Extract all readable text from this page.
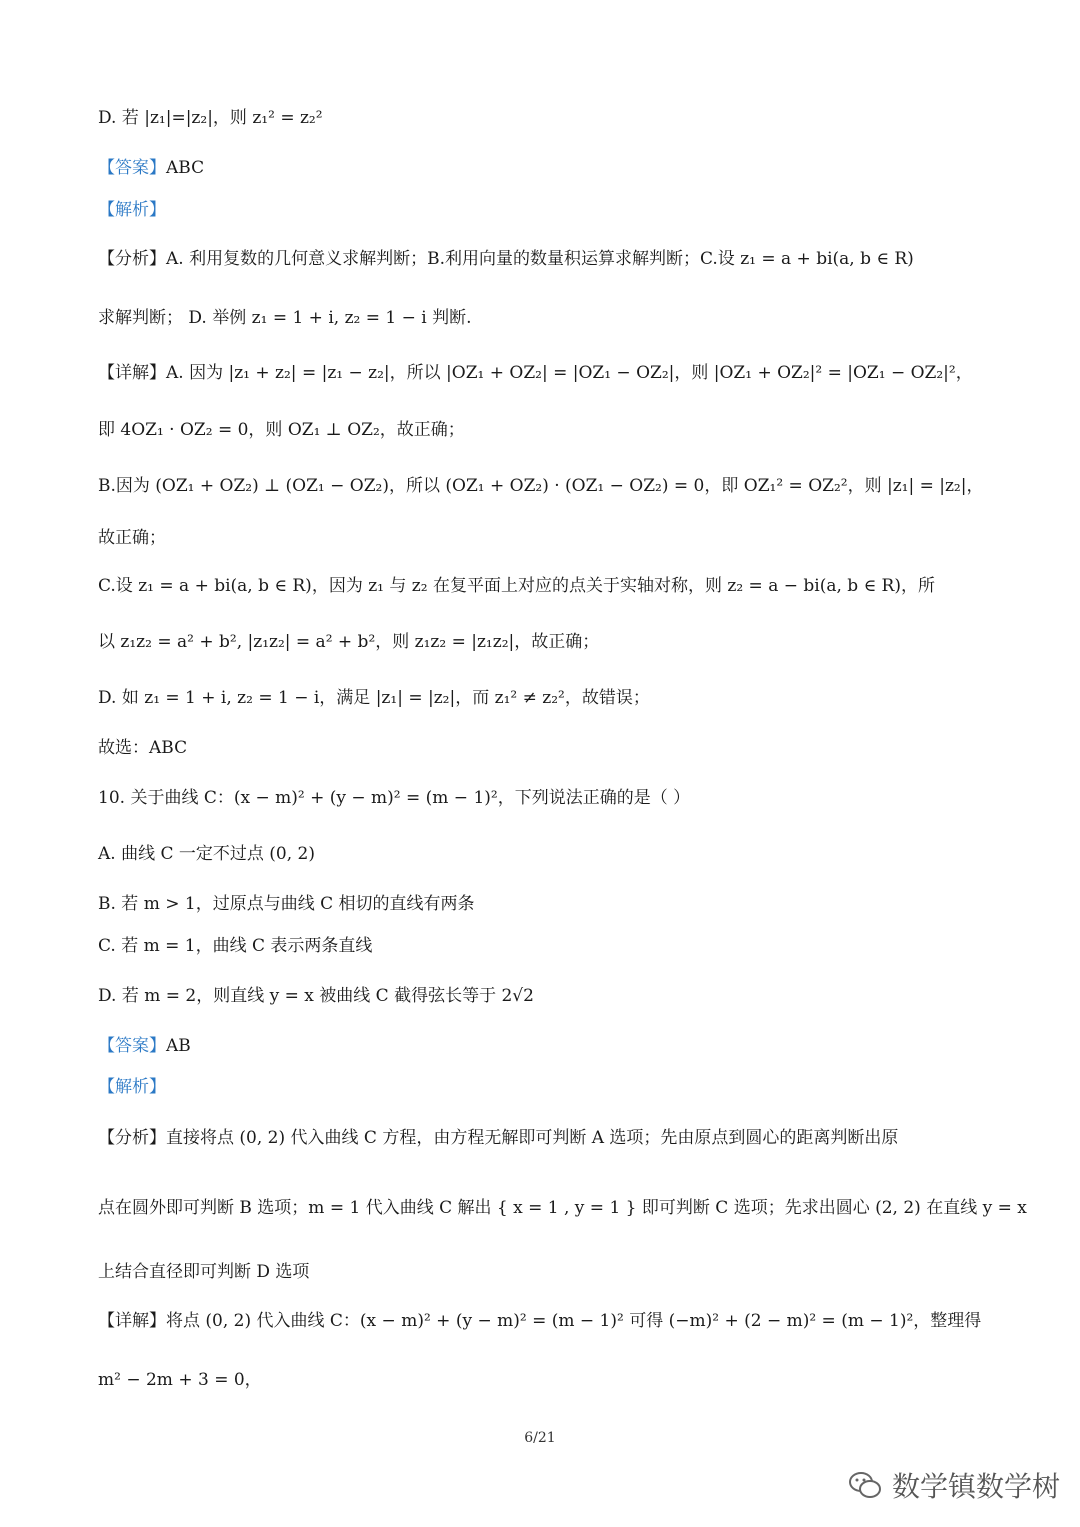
D. 若 |z₁|=|z₂|，则 z₁² = z₂²
【答案】ABC
【解析】
【分析】A. 利用复数的几何意义求解判断；B.利用向量的数量积运算求解判断；C.设 z₁ = a + bi(a, b ∈ R)
求解判断； D. 举例 z₁ = 1 + i, z₂ = 1 − i 判断.
【详解】A. 因为 |z₁ + z₂| = |z₁ − z₂|，所以 |OZ₁ + OZ₂| = |OZ₁ − OZ₂|，则 |OZ₁ + OZ₂|² = |OZ₁ − OZ₂|²，
即 4OZ₁ · OZ₂ = 0，则 OZ₁ ⊥ OZ₂，故正确；
B.因为 (OZ₁ + OZ₂) ⊥ (OZ₁ − OZ₂)，所以 (OZ₁ + OZ₂) · (OZ₁ − OZ₂) = 0，即 OZ₁² = OZ₂²，则 |z₁| = |z₂|，
故正确；
C.设 z₁ = a + bi(a, b ∈ R)，因为 z₁ 与 z₂ 在复平面上对应的点关于实轴对称，则 z₂ = a − bi(a, b ∈ R)，所
以 z₁z₂ = a² + b², |z₁z₂| = a² + b²，则 z₁z₂ = |z₁z₂|，故正确；
D. 如 z₁ = 1 + i, z₂ = 1 − i，满足 |z₁| = |z₂|，而 z₁² ≠ z₂²，故错误；
故选：ABC
10. 关于曲线 C：(x − m)² + (y − m)² = (m − 1)²，下列说法正确的是（ ）
A. 曲线 C 一定不过点 (0, 2)
B. 若 m > 1，过原点与曲线 C 相切的直线有两条
C. 若 m = 1，曲线 C 表示两条直线
D. 若 m = 2，则直线 y = x 被曲线 C 截得弦长等于 2√2
【答案】AB
【解析】
【分析】直接将点 (0, 2) 代入曲线 C 方程，由方程无解即可判断 A 选项；先由原点到圆心的距离判断出原
点在圆外即可判断 B 选项；m = 1 代入曲线 C 解出 { x = 1 , y = 1 } 即可判断 C 选项；先求出圆心 (2, 2) 在直线 y = x
上结合直径即可判断 D 选项
【详解】将点 (0, 2) 代入曲线 C：(x − m)² + (y − m)² = (m − 1)² 可得 (−m)² + (2 − m)² = (m − 1)²，整理得
m² − 2m + 3 = 0，
6/21
数学镇数学树
